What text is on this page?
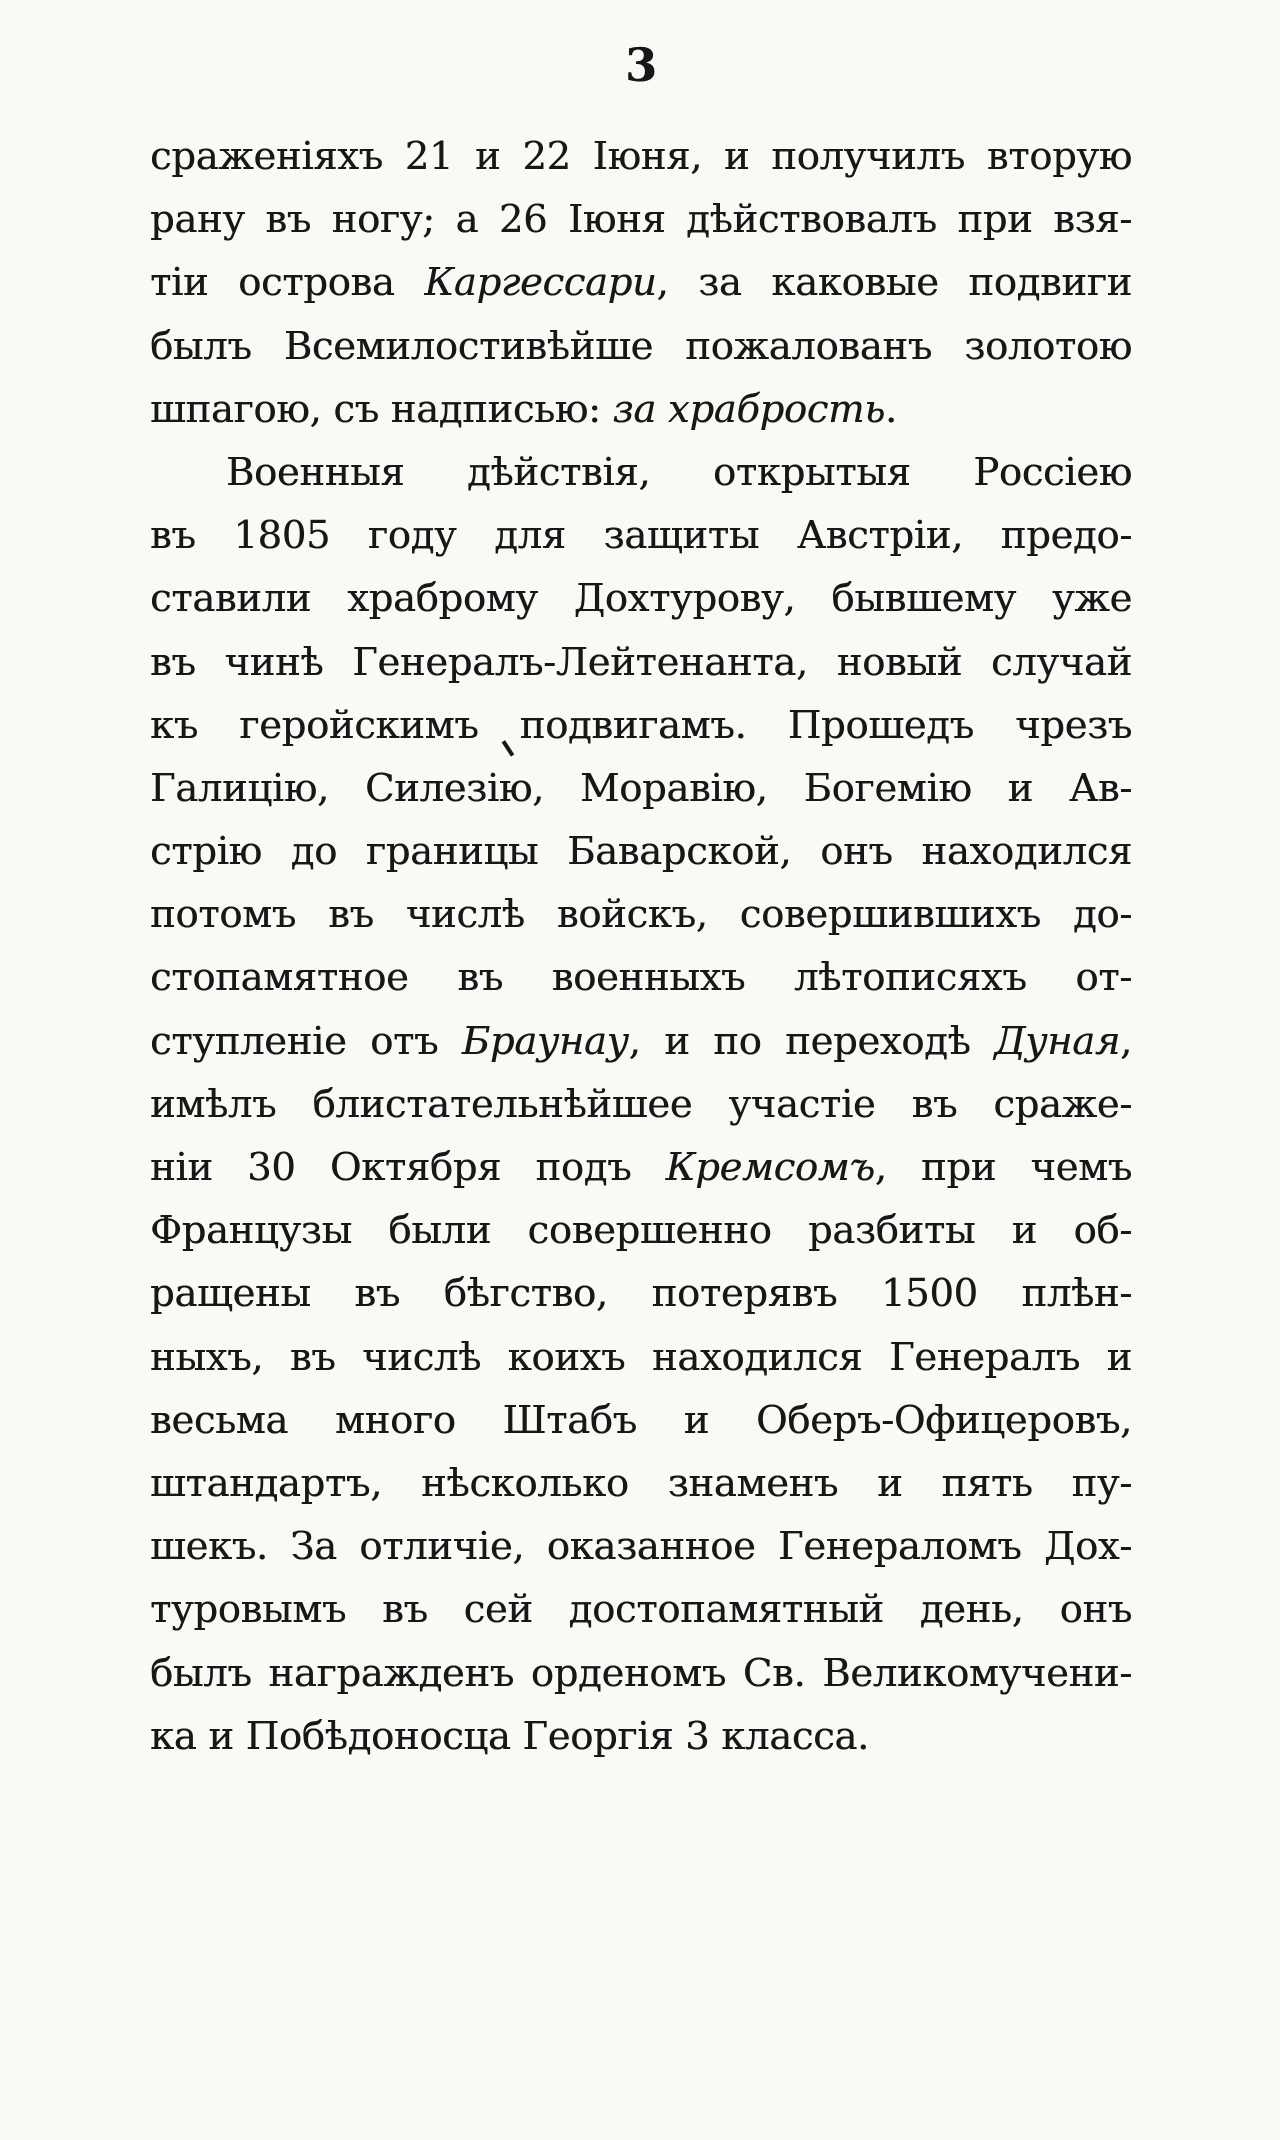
3
сраженіяхъ 21 и 22 Іюня, и получилъ вторую
рану въ ногу; а 26 Іюня дѣйствовалъ при взя-
тіи острова Каргессари, за каковые подвиги
былъ Всемилостивѣйше пожалованъ золотою
шпагою, съ надписью: за храбрость.
Военныя дѣйствія, открытыя Россіею
въ 1805 году для защиты Австріи, предо-
ставили храброму Дохтурову, бывшему уже
въ чинѣ Генералъ-Лейтенанта, новый случай
къ геройскимъ подвигамъ. Прошедъ чрезъ
Галицію, Силезію, Моравію, Богемію и Ав-
стрію до границы Баварской, онъ находился
потомъ въ числѣ войскъ, совершившихъ до-
стопамятное въ военныхъ лѣтописяхъ от-
ступленіе отъ Браунау, и по переходѣ Дуная,
имѣлъ блистательнѣйшее участіе въ сраже-
ніи 30 Октября подъ Кремсомъ, при чемъ
Французы были совершенно разбиты и об-
ращены въ бѣгство, потерявъ 1500 плѣн-
ныхъ, въ числѣ коихъ находился Генералъ и
весьма много Штабъ и Оберъ-Офицеровъ,
штандартъ, нѣсколько знаменъ и пять пу-
шекъ. За отличіе, оказанное Генераломъ Дох-
туровымъ въ сей достопамятный день, онъ
былъ награжденъ орденомъ Св. Великомучени-
ка и Побѣдоносца Георгія 3 класса.
